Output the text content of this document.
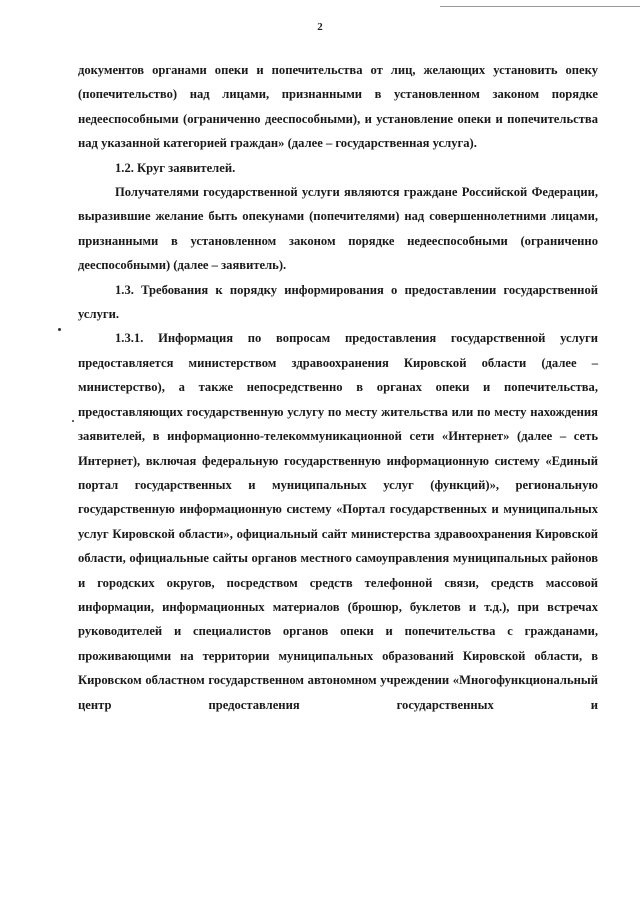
2

документов органами опеки и попечительства от лиц, желающих установить опеку (попечительство) над лицами, признанными в установленном законом порядке недееспособными (ограниченно дееспособными), и установление опеки и попечительства над указанной категорией граждан» (далее – государственная услуга).

1.2. Круг заявителей.

Получателями государственной услуги являются граждане Российской Федерации, выразившие желание быть опекунами (попечителями) над совершеннолетними лицами, признанными в установленном законом порядке недееспособными (ограниченно дееспособными) (далее – заявитель).

1.3. Требования к порядку информирования о предоставлении государственной услуги.

1.3.1. Информация по вопросам предоставления государственной услуги предоставляется министерством здравоохранения Кировской области (далее – министерство), а также непосредственно в органах опеки и попечительства, предоставляющих государственную услугу по месту жительства или по месту нахождения заявителей, в информационно-телекоммуникационной сети «Интернет» (далее – сеть Интернет), включая федеральную государственную информационную систему «Единый портал государственных и муниципальных услуг (функций)», региональную государственную информационную систему «Портал государственных и муниципальных услуг Кировской области», официальный сайт министерства здравоохранения Кировской области, официальные сайты органов местного самоуправления муниципальных районов и городских округов, посредством средств телефонной связи, средств массовой информации, информационных материалов (брошюр, буклетов и т.д.), при встречах руководителей и специалистов органов опеки и попечительства с гражданами, проживающими на территории муниципальных образований Кировской области, в Кировском областном государственном автономном учреждении «Многофункциональный центр предоставления государственных и
